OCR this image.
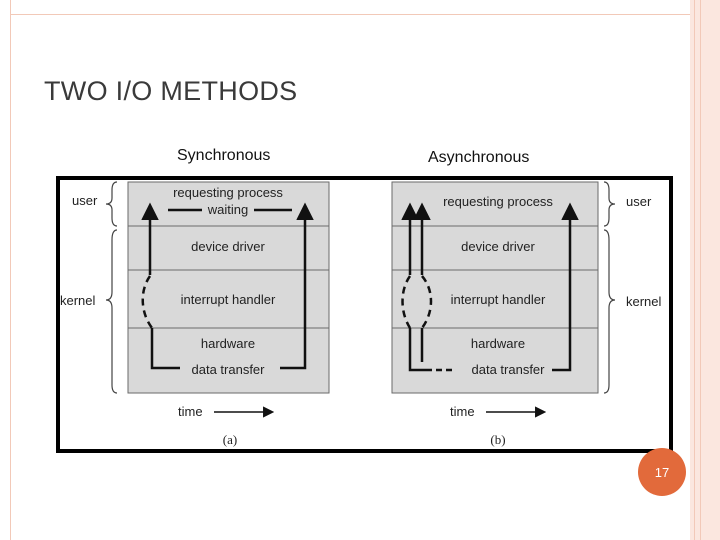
TWO I/O METHODS
Synchronous	Asynchronous
requesting process
waiting
device driver
interrupt handler
hardware
data transfer
time
(a)
user
kernel
requesting process
device driver
interrupt handler
hardware
data transfer
time
(b)
user
kernel
17
